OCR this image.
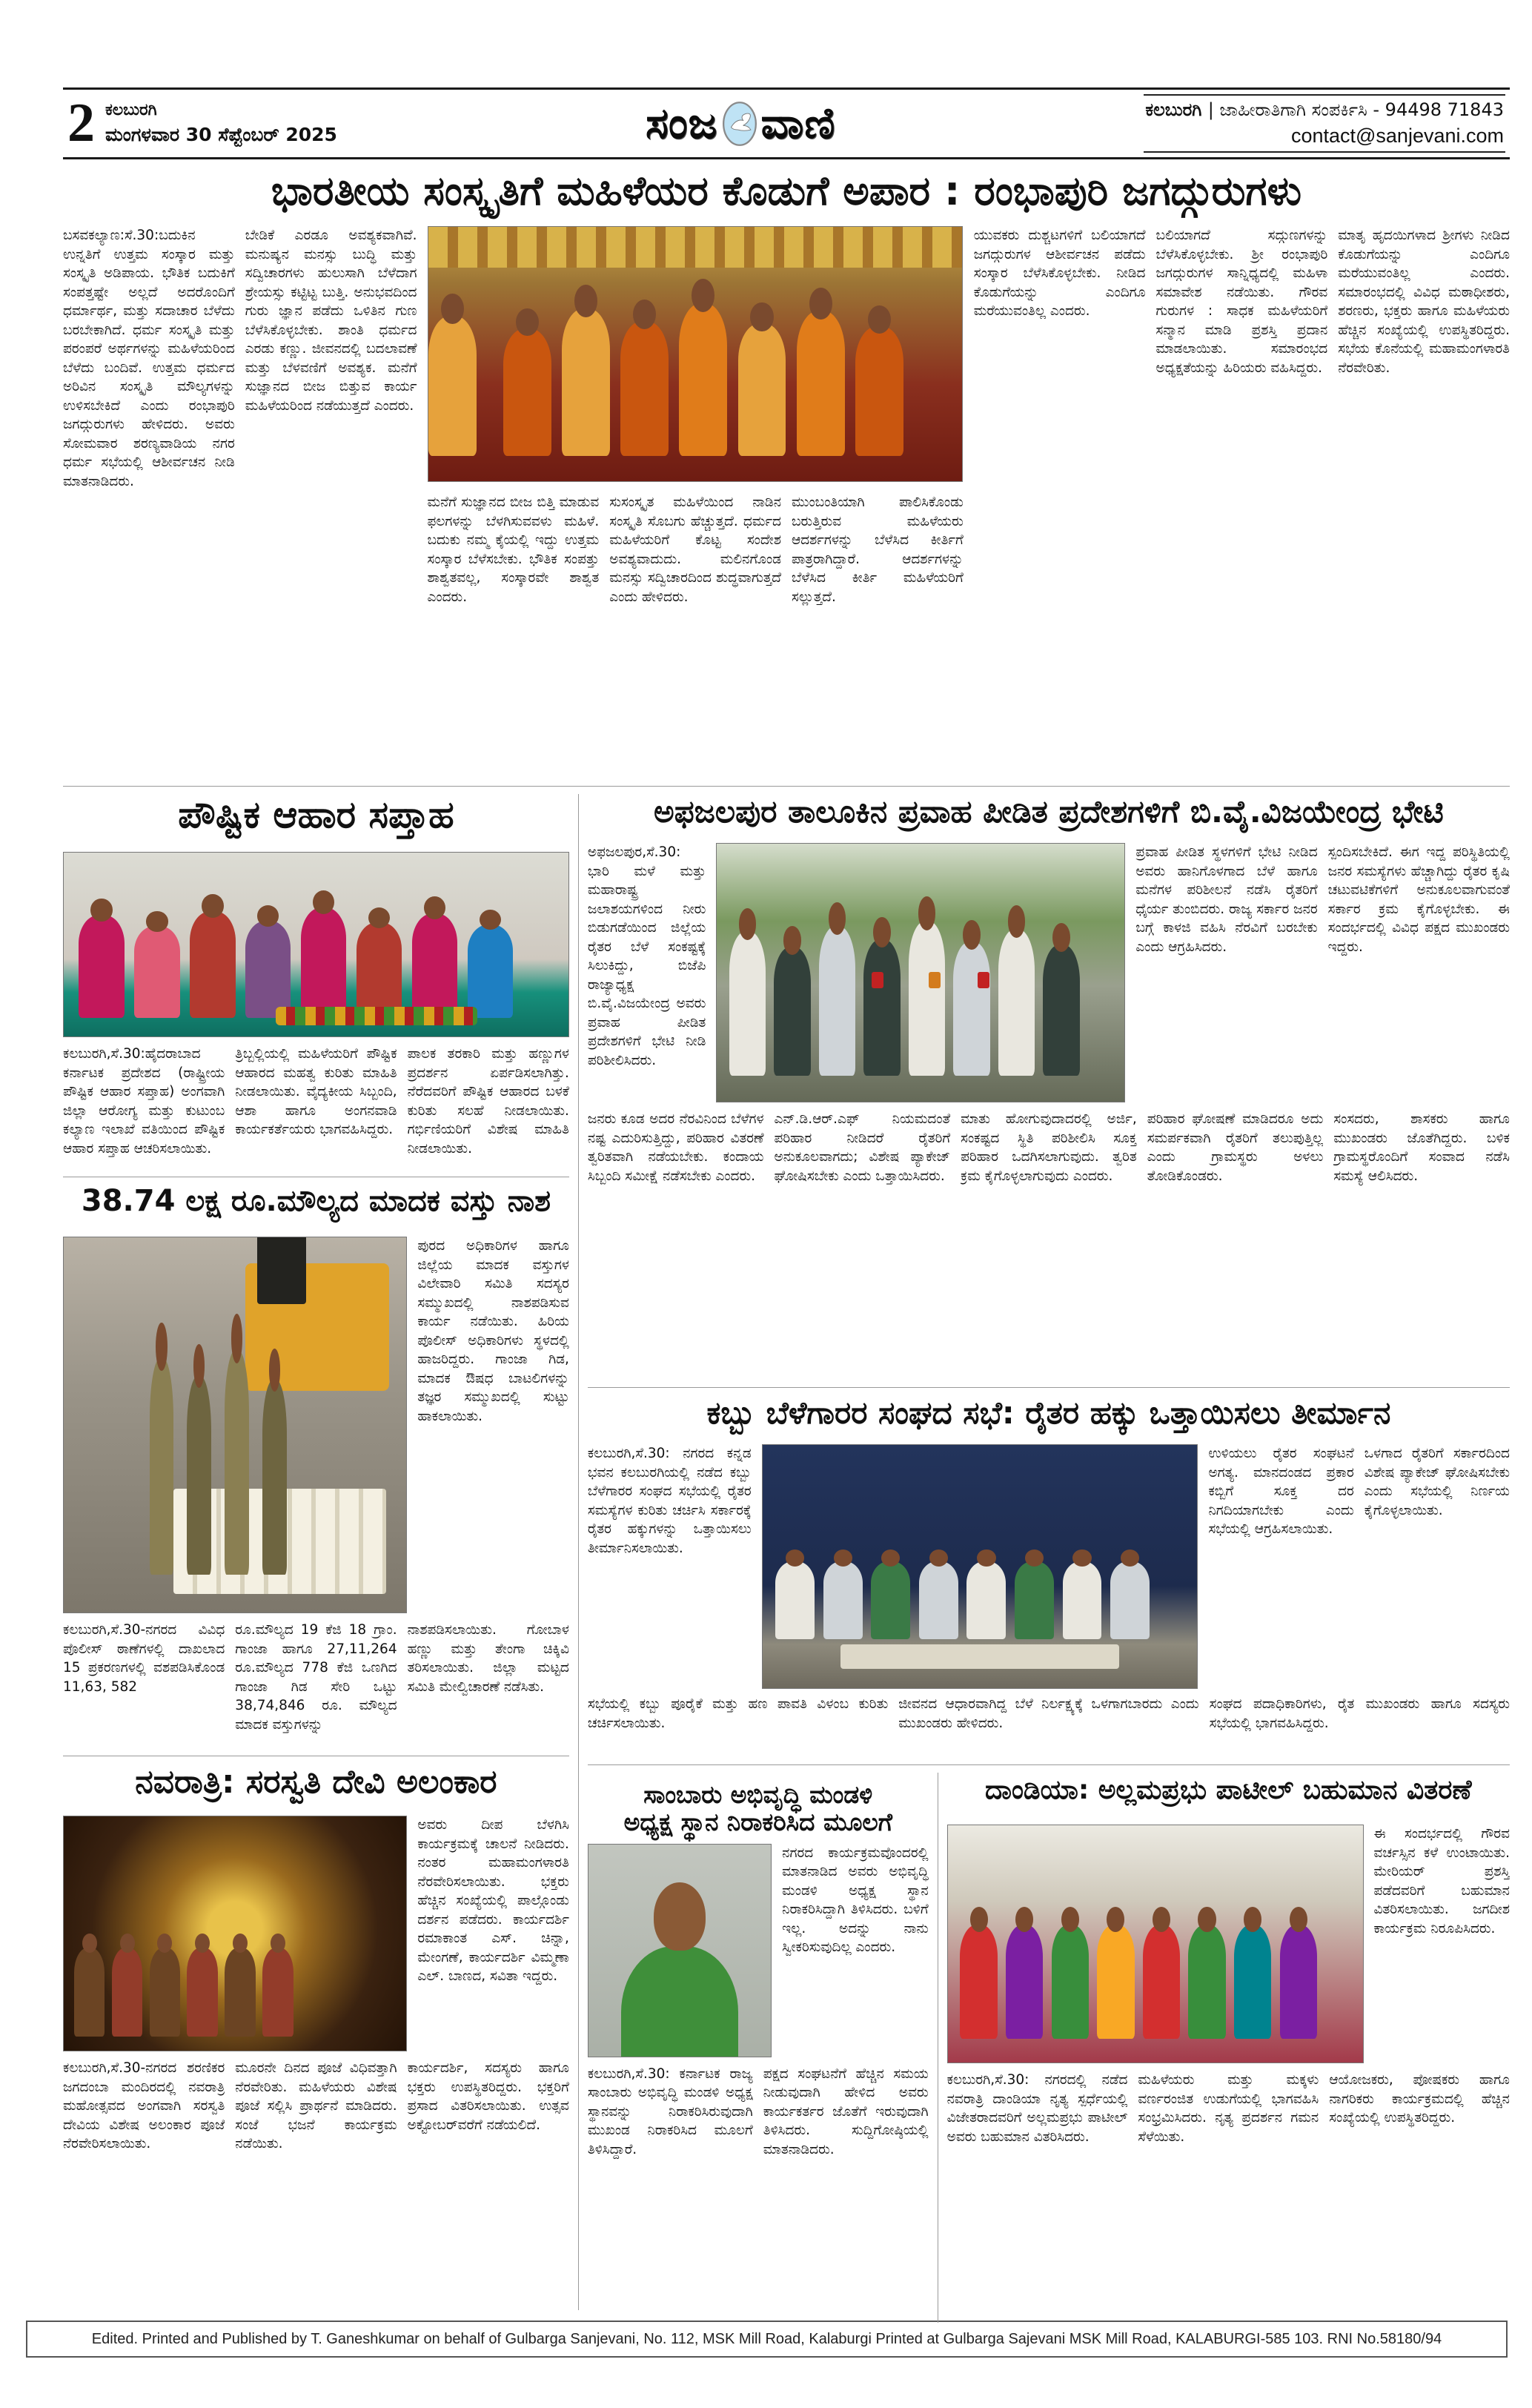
2 ಕಲಬುರಗಿ
ಮಂಗಳವಾರ 30 ಸೆಪ್ಟೆಂಬರ್ 2025	ಸಂಜ ವಾಣಿ	ಕಲಬುರಗಿ | ಜಾಹೀರಾತಿಗಾಗಿ ಸಂಪರ್ಕಿಸಿ - 94498 71843
contact@sanjevani.com
ಭಾರತೀಯ ಸಂಸ್ಕೃತಿಗೆ ಮಹಿಳೆಯರ ಕೊಡುಗೆ ಅಪಾರ : ರಂಭಾಪುರಿ ಜಗದ್ಗುರುಗಳು
ಬಸವಕಲ್ಯಾಣ:ಸೆ.30:ಬದುಕಿನ ಉನ್ನತಿಗೆ ಉತ್ತಮ ಸಂಸ್ಕಾರ ಮತ್ತು ಸಂಸ್ಕೃತಿ ಅಡಿಪಾಯ. ಭೌತಿಕ ಬದುಕಿಗೆ ಸಂಪತ್ತಷ್ಟೇ ಅಲ್ಲದೆ ಅದರೊಂದಿಗೆ ಧರ್ಮಾರ್ಥ, ಮತ್ತು ಸದಾಚಾರ ಬೆಳೆದು ಬರಬೇಕಾಗಿದೆ. ಧರ್ಮ ಸಂಸ್ಕೃತಿ ಮತ್ತು ಪರಂಪರೆ ಅರ್ಥಗಳನ್ನು ಮಹಿಳೆಯರಿಂದ ಬೆಳೆದು ಬಂದಿವೆ. ಉತ್ತಮ ಧರ್ಮದ ಅರಿವಿನ ಸಂಸ್ಕೃತಿ ಮೌಲ್ಯಗಳನ್ನು ಉಳಿಸಬೇಕಿದೆ ಎಂದು ರಂಭಾಪುರಿ ಜಗದ್ಗುರುಗಳು ಹೇಳಿದರು. ಅವರು ಸೋಮವಾರ ಶರಣ್ಯವಾಡಿಯ ನಗರ ಧರ್ಮ ಸಭೆಯಲ್ಲಿ ಆಶೀರ್ವಚನ ನೀಡಿ ಮಾತನಾಡಿದರು.
ಬೇಡಿಕೆ ಎರಡೂ ಅವಶ್ಯಕವಾಗಿವೆ. ಮನುಷ್ಯನ ಮನಸ್ಸು ಬುದ್ಧಿ ಮತ್ತು ಸದ್ವಿಚಾರಗಳು ಹುಲುಸಾಗಿ ಬೆಳೆದಾಗ ಶ್ರೇಯಸ್ಸು ಕಟ್ಟಿಟ್ಟ ಬುತ್ತಿ. ಅನುಭವದಿಂದ ಗುರು ಜ್ಞಾನ ಪಡೆದು ಒಳಿತಿನ ಗುಣ ಬೆಳೆಸಿಕೊಳ್ಳಬೇಕು. ಶಾಂತಿ ಧರ್ಮದ ಎರಡು ಕಣ್ಣು. ಜೀವನದಲ್ಲಿ ಬದಲಾವಣೆ ಮತ್ತು ಬೆಳವಣಿಗೆ ಅವಶ್ಯಕ. ಮನೆಗೆ ಸುಜ್ಞಾನದ ಬೀಜ ಬಿತ್ತುವ ಕಾರ್ಯ ಮಹಿಳೆಯರಿಂದ ನಡೆಯುತ್ತದೆ ಎಂದರು.
ಮನೆಗೆ ಸುಜ್ಞಾನದ ಬೀಜ ಬಿತ್ತಿ ಮಾಡುವ ಫಲಗಳನ್ನು ಬೆಳಗಿಸುವವಳು ಮಹಿಳೆ. ಬದುಕು ನಮ್ಮ ಕೈಯಲ್ಲಿ ಇದ್ದು ಉತ್ತಮ ಸಂಸ್ಕಾರ ಬೆಳೆಸಬೇಕು. ಭೌತಿಕ ಸಂಪತ್ತು ಶಾಶ್ವತವಲ್ಲ, ಸಂಸ್ಕಾರವೇ ಶಾಶ್ವತ ಎಂದರು.
ಸುಸಂಸ್ಕೃತ ಮಹಿಳೆಯಿಂದ ನಾಡಿನ ಸಂಸ್ಕೃತಿ ಸೊಬಗು ಹೆಚ್ಚುತ್ತದೆ. ಧರ್ಮದ ಮಹಿಳೆಯರಿಗೆ ಕೊಟ್ಟ ಸಂದೇಶ ಅವಶ್ಯವಾದುದು. ಮಲಿನಗೊಂಡ ಮನಸ್ಸು ಸದ್ವಿಚಾರದಿಂದ ಶುದ್ಧವಾಗುತ್ತದೆ ಎಂದು ಹೇಳಿದರು.
ಮುಂಬಂತಿಯಾಗಿ ಪಾಲಿಸಿಕೊಂಡು ಬರುತ್ತಿರುವ ಮಹಿಳೆಯರು ಆದರ್ಶಗಳನ್ನು ಬೆಳೆಸಿದ ಕೀರ್ತಿಗೆ ಪಾತ್ರರಾಗಿದ್ದಾರೆ. ಆದರ್ಶಗಳನ್ನು ಬೆಳೆಸಿದ ಕೀರ್ತಿ ಮಹಿಳೆಯರಿಗೆ ಸಲ್ಲುತ್ತದೆ.
ಯುವಕರು ದುಶ್ಚಟಗಳಿಗೆ ಬಲಿಯಾಗದೆ ಜಗದ್ಗುರುಗಳ ಆಶೀರ್ವಚನ ಪಡೆದು ಸಂಸ್ಕಾರ ಬೆಳೆಸಿಕೊಳ್ಳಬೇಕು. ನೀಡಿದ ಕೊಡುಗೆಯನ್ನು ಎಂದಿಗೂ ಮರೆಯುವಂತಿಲ್ಲ ಎಂದರು.
ಬಲಿಯಾಗದೆ ಸದ್ಗುಣಗಳನ್ನು ಬೆಳೆಸಿಕೊಳ್ಳಬೇಕು. ಶ್ರೀ ರಂಭಾಪುರಿ ಜಗದ್ಗುರುಗಳ ಸಾನ್ನಿಧ್ಯದಲ್ಲಿ ಮಹಿಳಾ ಸಮಾವೇಶ ನಡೆಯಿತು. ಗೌರವ ಗುರುಗಳ : ಸಾಧಕ ಮಹಿಳೆಯರಿಗೆ ಸನ್ಮಾನ ಮಾಡಿ ಪ್ರಶಸ್ತಿ ಪ್ರದಾನ ಮಾಡಲಾಯಿತು. ಸಮಾರಂಭದ ಅಧ್ಯಕ್ಷತೆಯನ್ನು ಹಿರಿಯರು ವಹಿಸಿದ್ದರು.
ಮಾತೃ ಹೃದಯಿಗಳಾದ ಶ್ರೀಗಳು ನೀಡಿದ ಕೊಡುಗೆಯನ್ನು ಎಂದಿಗೂ ಮರೆಯುವಂತಿಲ್ಲ ಎಂದರು. ಸಮಾರಂಭದಲ್ಲಿ ವಿವಿಧ ಮಠಾಧೀಶರು, ಶರಣರು, ಭಕ್ತರು ಹಾಗೂ ಮಹಿಳೆಯರು ಹೆಚ್ಚಿನ ಸಂಖ್ಯೆಯಲ್ಲಿ ಉಪಸ್ಥಿತರಿದ್ದರು. ಸಭೆಯ ಕೊನೆಯಲ್ಲಿ ಮಹಾಮಂಗಳಾರತಿ ನೆರವೇರಿತು.
ಪೌಷ್ಟಿಕ ಆಹಾರ ಸಪ್ತಾಹ
ಕಲಬುರಗಿ,ಸೆ.30:ಹೈದರಾಬಾದ ಕರ್ನಾಟಕ ಪ್ರದೇಶದ (ರಾಷ್ಟ್ರೀಯ ಪೌಷ್ಟಿಕ ಆಹಾರ ಸಪ್ತಾಹ) ಅಂಗವಾಗಿ ಜಿಲ್ಲಾ ಆರೋಗ್ಯ ಮತ್ತು ಕುಟುಂಬ ಕಲ್ಯಾಣ ಇಲಾಖೆ ವತಿಯಿಂದ ಪೌಷ್ಟಿಕ ಆಹಾರ ಸಪ್ತಾಹ ಆಚರಿಸಲಾಯಿತು.
ತ್ರಿಬ್ಬಲ್ಲಿಯಲ್ಲಿ ಮಹಿಳೆಯರಿಗೆ ಪೌಷ್ಟಿಕ ಆಹಾರದ ಮಹತ್ವ ಕುರಿತು ಮಾಹಿತಿ ನೀಡಲಾಯಿತು. ವೈದ್ಯಕೀಯ ಸಿಬ್ಬಂದಿ, ಆಶಾ ಹಾಗೂ ಅಂಗನವಾಡಿ ಕಾರ್ಯಕರ್ತೆಯರು ಭಾಗವಹಿಸಿದ್ದರು.
ಪಾಲಕ ತರಕಾರಿ ಮತ್ತು ಹಣ್ಣುಗಳ ಪ್ರದರ್ಶನ ಏರ್ಪಡಿಸಲಾಗಿತ್ತು. ನೆರೆದವರಿಗೆ ಪೌಷ್ಟಿಕ ಆಹಾರದ ಬಳಕೆ ಕುರಿತು ಸಲಹೆ ನೀಡಲಾಯಿತು. ಗರ್ಭಿಣಿಯರಿಗೆ ವಿಶೇಷ ಮಾಹಿತಿ ನೀಡಲಾಯಿತು.
38.74 ಲಕ್ಷ ರೂ.ಮೌಲ್ಯದ ಮಾದಕ ವಸ್ತು ನಾಶ
ಪುರದ ಅಧಿಕಾರಿಗಳ ಹಾಗೂ ಜಿಲ್ಲೆಯ ಮಾದಕ ವಸ್ತುಗಳ ವಿಲೇವಾರಿ ಸಮಿತಿ ಸದಸ್ಯರ ಸಮ್ಮುಖದಲ್ಲಿ ನಾಶಪಡಿಸುವ ಕಾರ್ಯ ನಡೆಯಿತು. ಹಿರಿಯ ಪೊಲೀಸ್ ಅಧಿಕಾರಿಗಳು ಸ್ಥಳದಲ್ಲಿ ಹಾಜರಿದ್ದರು. ಗಾಂಜಾ ಗಿಡ, ಮಾದಕ ಔಷಧ ಬಾಟಲಿಗಳನ್ನು ತಜ್ಞರ ಸಮ್ಮುಖದಲ್ಲಿ ಸುಟ್ಟು ಹಾಕಲಾಯಿತು.
ಕಲಬುರಗಿ,ಸೆ.30-ನಗರದ ವಿವಿಧ ಪೊಲೀಸ್ ಠಾಣೆಗಳಲ್ಲಿ ದಾಖಲಾದ 15 ಪ್ರಕರಣಗಳಲ್ಲಿ ವಶಪಡಿಸಿಕೊಂಡ 11,63, 582
ರೂ.ಮೌಲ್ಯದ 19 ಕೆಜಿ 18 ಗ್ರಾಂ. ಗಾಂಜಾ ಹಾಗೂ 27,11,264 ರೂ.ಮೌಲ್ಯದ 778 ಕೆಜಿ ಒಣಗಿದ ಗಾಂಜಾ ಗಿಡ ಸೇರಿ ಒಟ್ಟು 38,74,846 ರೂ. ಮೌಲ್ಯದ ಮಾದಕ ವಸ್ತುಗಳನ್ನು
ನಾಶಪಡಿಸಲಾಯಿತು. ಗೋಬಾಳ ಹಣ್ಣು ಮತ್ತು ತೇಂಗಾ ಚಿಕ್ಕಿವಿ ತರಿಸಲಾಯಿತು. ಜಿಲ್ಲಾ ಮಟ್ಟದ ಸಮಿತಿ ಮೇಲ್ವಿಚಾರಣೆ ನಡೆಸಿತು.
ನವರಾತ್ರಿ: ಸರಸ್ವತಿ ದೇವಿ ಅಲಂಕಾರ
ಅವರು ದೀಪ ಬೆಳಗಿಸಿ ಕಾರ್ಯಕ್ರಮಕ್ಕೆ ಚಾಲನೆ ನೀಡಿದರು. ನಂತರ ಮಹಾಮಂಗಳಾರತಿ ನೆರವೇರಿಸಲಾಯಿತು. ಭಕ್ತರು ಹೆಚ್ಚಿನ ಸಂಖ್ಯೆಯಲ್ಲಿ ಪಾಲ್ಗೊಂಡು ದರ್ಶನ ಪಡೆದರು. ಕಾರ್ಯದರ್ಶಿ ರಮಾಕಾಂತ ಎಸ್. ಚಿನ್ನಾ, ಮೇಂಗಣೆ, ಕಾರ್ಯದರ್ಶಿ ವಿಮ್ಮಣಾ ಎಲ್. ಬಾಣದ, ಸವಿತಾ ಇದ್ದರು.
ಕಲಬುರಗಿ,ಸೆ.30-ನಗರದ ಶರಣಿಕರ ಜಗದಂಬಾ ಮಂದಿರದಲ್ಲಿ ನವರಾತ್ರಿ ಮಹೋತ್ಸವದ ಅಂಗವಾಗಿ ಸರಸ್ವತಿ ದೇವಿಯ ವಿಶೇಷ ಅಲಂಕಾರ ಪೂಜೆ ನೆರವೇರಿಸಲಾಯಿತು.
ಮೂರನೇ ದಿನದ ಪೂಜೆ ವಿಧಿವತ್ತಾಗಿ ನೆರವೇರಿತು. ಮಹಿಳೆಯರು ವಿಶೇಷ ಪೂಜೆ ಸಲ್ಲಿಸಿ ಪ್ರಾರ್ಥನೆ ಮಾಡಿದರು. ಸಂಜೆ ಭಜನೆ ಕಾರ್ಯಕ್ರಮ ನಡೆಯಿತು.
ಕಾರ್ಯದರ್ಶಿ, ಸದಸ್ಯರು ಹಾಗೂ ಭಕ್ತರು ಉಪಸ್ಥಿತರಿದ್ದರು. ಭಕ್ತರಿಗೆ ಪ್ರಸಾದ ವಿತರಿಸಲಾಯಿತು. ಉತ್ಸವ ಅಕ್ಟೋಬರ್‌ವರೆಗೆ ನಡೆಯಲಿದೆ.
ಅಫಜಲಪುರ ತಾಲೂಕಿನ ಪ್ರವಾಹ ಪೀಡಿತ ಪ್ರದೇಶಗಳಿಗೆ ಬಿ.ವೈ.ವಿಜಯೇಂದ್ರ ಭೇಟಿ
ಅಫಜಲಪುರ,ಸೆ.30: ಭಾರಿ ಮಳೆ ಮತ್ತು ಮಹಾರಾಷ್ಟ್ರ ಜಲಾಶಯಗಳಿಂದ ನೀರು ಬಿಡುಗಡೆಯಿಂದ ಜಿಲ್ಲೆಯ ರೈತರ ಬೆಳೆ ಸಂಕಷ್ಟಕ್ಕೆ ಸಿಲುಕಿದ್ದು, ಬಿಜೆಪಿ ರಾಜ್ಯಾಧ್ಯಕ್ಷ ಬಿ.ವೈ.ವಿಜಯೇಂದ್ರ ಅವರು ಪ್ರವಾಹ ಪೀಡಿತ ಪ್ರದೇಶಗಳಿಗೆ ಭೇಟಿ ನೀಡಿ ಪರಿಶೀಲಿಸಿದರು.
ಪ್ರವಾಹ ಪೀಡಿತ ಸ್ಥಳಗಳಿಗೆ ಭೇಟಿ ನೀಡಿದ ಅವರು ಹಾನಿಗೊಳಗಾದ ಬೆಳೆ ಹಾಗೂ ಮನೆಗಳ ಪರಿಶೀಲನೆ ನಡೆಸಿ ರೈತರಿಗೆ ಧೈರ್ಯ ತುಂಬಿದರು. ರಾಜ್ಯ ಸರ್ಕಾರ ಜನರ ಬಗ್ಗೆ ಕಾಳಜಿ ವಹಿಸಿ ನೆರವಿಗೆ ಬರಬೇಕು ಎಂದು ಆಗ್ರಹಿಸಿದರು.
ಸ್ಪಂದಿಸಬೇಕಿದೆ. ಈಗ ಇದ್ದ ಪರಿಸ್ಥಿತಿಯಲ್ಲಿ ಜನರ ಸಮಸ್ಯೆಗಳು ಹೆಚ್ಚಾಗಿದ್ದು ರೈತರ ಕೃಷಿ ಚಟುವಟಿಕೆಗಳಿಗೆ ಅನುಕೂಲವಾಗುವಂತೆ ಸರ್ಕಾರ ಕ್ರಮ ಕೈಗೊಳ್ಳಬೇಕು. ಈ ಸಂದರ್ಭದಲ್ಲಿ ವಿವಿಧ ಪಕ್ಷದ ಮುಖಂಡರು ಇದ್ದರು.
ಜನರು ಕೂಡ ಅದರ ನೆರವಿನಿಂದ ಬೆಳೆಗಳ ನಷ್ಟ ಎದುರಿಸುತ್ತಿದ್ದು, ಪರಿಹಾರ ವಿತರಣೆ ತ್ವರಿತವಾಗಿ ನಡೆಯಬೇಕು. ಕಂದಾಯ ಸಿಬ್ಬಂದಿ ಸಮೀಕ್ಷೆ ನಡೆಸಬೇಕು ಎಂದರು.
ಎನ್.ಡಿ.ಆರ್.ಎಫ್ ನಿಯಮದಂತೆ ಪರಿಹಾರ ನೀಡಿದರೆ ರೈತರಿಗೆ ಅನುಕೂಲವಾಗದು; ವಿಶೇಷ ಪ್ಯಾಕೇಜ್ ಘೋಷಿಸಬೇಕು ಎಂದು ಒತ್ತಾಯಿಸಿದರು.
ಮಾತು ಹೋಗುವುದಾದರಲ್ಲಿ ಅರ್ಜಿ, ಸಂಕಷ್ಟದ ಸ್ಥಿತಿ ಪರಿಶೀಲಿಸಿ ಸೂಕ್ತ ಪರಿಹಾರ ಒದಗಿಸಲಾಗುವುದು. ತ್ವರಿತ ಕ್ರಮ ಕೈಗೊಳ್ಳಲಾಗುವುದು ಎಂದರು.
ಪರಿಹಾರ ಘೋಷಣೆ ಮಾಡಿದರೂ ಅದು ಸಮರ್ಪಕವಾಗಿ ರೈತರಿಗೆ ತಲುಪುತ್ತಿಲ್ಲ ಎಂದು ಗ್ರಾಮಸ್ಥರು ಅಳಲು ತೋಡಿಕೊಂಡರು.
ಸಂಸದರು, ಶಾಸಕರು ಹಾಗೂ ಮುಖಂಡರು ಜೊತೆಗಿದ್ದರು. ಬಳಿಕ ಗ್ರಾಮಸ್ಥರೊಂದಿಗೆ ಸಂವಾದ ನಡೆಸಿ ಸಮಸ್ಯೆ ಆಲಿಸಿದರು.
ಕಬ್ಬು ಬೆಳೆಗಾರರ ಸಂಘದ ಸಭೆ: ರೈತರ ಹಕ್ಕು ಒತ್ತಾಯಿಸಲು ತೀರ್ಮಾನ
ಕಲಬುರಗಿ,ಸೆ.30: ನಗರದ ಕನ್ನಡ ಭವನ ಕಲಬುರಗಿಯಲ್ಲಿ ನಡೆದ ಕಬ್ಬು ಬೆಳೆಗಾರರ ಸಂಘದ ಸಭೆಯಲ್ಲಿ ರೈತರ ಸಮಸ್ಯೆಗಳ ಕುರಿತು ಚರ್ಚಿಸಿ ಸರ್ಕಾರಕ್ಕೆ ರೈತರ ಹಕ್ಕುಗಳನ್ನು ಒತ್ತಾಯಿಸಲು ತೀರ್ಮಾನಿಸಲಾಯಿತು.
ಉಳಿಯಲು ರೈತರ ಸಂಘಟನೆ ಅಗತ್ಯ. ಮಾನದಂಡದ ಪ್ರಕಾರ ಕಬ್ಬಿಗೆ ಸೂಕ್ತ ದರ ನಿಗದಿಯಾಗಬೇಕು ಎಂದು ಸಭೆಯಲ್ಲಿ ಆಗ್ರಹಿಸಲಾಯಿತು.
ಒಳಗಾದ ರೈತರಿಗೆ ಸರ್ಕಾರದಿಂದ ವಿಶೇಷ ಪ್ಯಾಕೇಜ್ ಘೋಷಿಸಬೇಕು ಎಂದು ಸಭೆಯಲ್ಲಿ ನಿರ್ಣಯ ಕೈಗೊಳ್ಳಲಾಯಿತು.
ಸಭೆಯಲ್ಲಿ ಕಬ್ಬು ಪೂರೈಕೆ ಮತ್ತು ಹಣ ಪಾವತಿ ವಿಳಂಬ ಕುರಿತು ಚರ್ಚಿಸಲಾಯಿತು.
ಜೀವನದ ಆಧಾರವಾಗಿದ್ದ ಬೆಳೆ ನಿರ್ಲಕ್ಷ್ಯಕ್ಕೆ ಒಳಗಾಗಬಾರದು ಎಂದು ಮುಖಂಡರು ಹೇಳಿದರು.
ಸಂಘದ ಪದಾಧಿಕಾರಿಗಳು, ರೈತ ಮುಖಂಡರು ಹಾಗೂ ಸದಸ್ಯರು ಸಭೆಯಲ್ಲಿ ಭಾಗವಹಿಸಿದ್ದರು.
ಸಾಂಬಾರು ಅಭಿವೃದ್ಧಿ ಮಂಡಳಿ
ಅಧ್ಯಕ್ಷ ಸ್ಥಾನ ನಿರಾಕರಿಸಿದ ಮೂಲಗೆ
ನಗರದ ಕಾರ್ಯಕ್ರಮವೊಂದರಲ್ಲಿ ಮಾತನಾಡಿದ ಅವರು ಅಭಿವೃದ್ಧಿ ಮಂಡಳಿ ಅಧ್ಯಕ್ಷ ಸ್ಥಾನ ನಿರಾಕರಿಸಿದ್ದಾಗಿ ತಿಳಿಸಿದರು. ಬಳಿಗೆ ಇಲ್ಲ. ಅದನ್ನು ನಾನು ಸ್ವೀಕರಿಸುವುದಿಲ್ಲ ಎಂದರು.
ಕಲಬುರಗಿ,ಸೆ.30: ಕರ್ನಾಟಕ ರಾಜ್ಯ ಸಾಂಬಾರು ಅಭಿವೃದ್ಧಿ ಮಂಡಳಿ ಅಧ್ಯಕ್ಷ ಸ್ಥಾನವನ್ನು ನಿರಾಕರಿಸಿರುವುದಾಗಿ ಮುಖಂಡ ನಿರಾಕರಿಸಿದ ಮೂಲಗೆ ತಿಳಿಸಿದ್ದಾರೆ.
ಪಕ್ಷದ ಸಂಘಟನೆಗೆ ಹೆಚ್ಚಿನ ಸಮಯ ನೀಡುವುದಾಗಿ ಹೇಳಿದ ಅವರು ಕಾರ್ಯಕರ್ತರ ಜೊತೆಗೆ ಇರುವುದಾಗಿ ತಿಳಿಸಿದರು. ಸುದ್ದಿಗೋಷ್ಠಿಯಲ್ಲಿ ಮಾತನಾಡಿದರು.
ದಾಂಡಿಯಾ: ಅಲ್ಲಮಪ್ರಭು ಪಾಟೀಲ್ ಬಹುಮಾನ ವಿತರಣೆ
ಈ ಸಂದರ್ಭದಲ್ಲಿ ಗೌರವ ವರ್ಚಸ್ಸಿನ ಕಳೆ ಉಂಟಾಯಿತು. ಮೇರಿಯರ್ ಪ್ರಶಸ್ತಿ ಪಡೆದವರಿಗೆ ಬಹುಮಾನ ವಿತರಿಸಲಾಯಿತು. ಜಗದೀಶ ಕಾರ್ಯಕ್ರಮ ನಿರೂಪಿಸಿದರು.
ಕಲಬುರಗಿ,ಸೆ.30: ನಗರದಲ್ಲಿ ನಡೆದ ನವರಾತ್ರಿ ದಾಂಡಿಯಾ ನೃತ್ಯ ಸ್ಪರ್ಧೆಯಲ್ಲಿ ವಿಜೇತರಾದವರಿಗೆ ಅಲ್ಲಮಪ್ರಭು ಪಾಟೀಲ್ ಅವರು ಬಹುಮಾನ ವಿತರಿಸಿದರು.
ಮಹಿಳೆಯರು ಮತ್ತು ಮಕ್ಕಳು ವರ್ಣರಂಜಿತ ಉಡುಗೆಯಲ್ಲಿ ಭಾಗವಹಿಸಿ ಸಂಭ್ರಮಿಸಿದರು. ನೃತ್ಯ ಪ್ರದರ್ಶನ ಗಮನ ಸೆಳೆಯಿತು.
ಆಯೋಜಕರು, ಪೋಷಕರು ಹಾಗೂ ನಾಗರಿಕರು ಕಾರ್ಯಕ್ರಮದಲ್ಲಿ ಹೆಚ್ಚಿನ ಸಂಖ್ಯೆಯಲ್ಲಿ ಉಪಸ್ಥಿತರಿದ್ದರು.
Edited. Printed and Published by T. Ganeshkumar on behalf of Gulbarga Sanjevani, No. 112, MSK Mill Road, Kalaburgi Printed at Gulbarga Sajevani MSK Mill Road, KALABURGI-585 103. RNI No.58180/94
